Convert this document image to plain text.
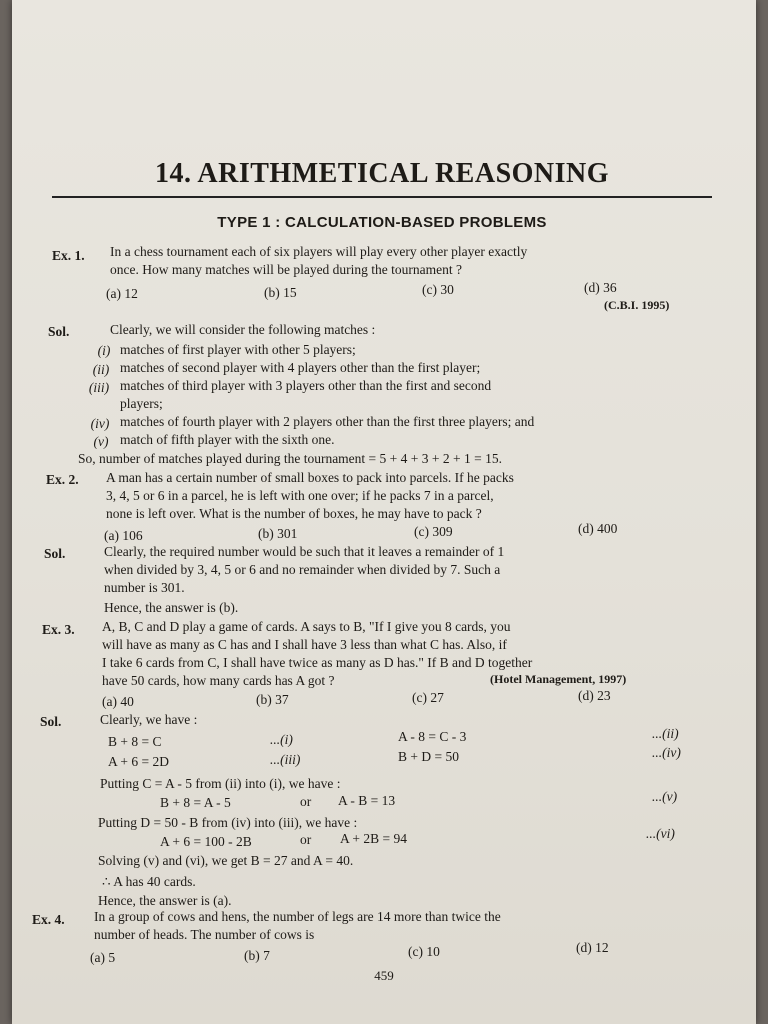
14. ARITHMETICAL REASONING
TYPE 1 : CALCULATION-BASED PROBLEMS
Ex. 1. In a chess tournament each of six players will play every other player exactly
once. How many matches will be played during the tournament ?
(a) 12	(b) 15	(c) 30	(d) 36
(C.B.I. 1995)
Sol.	Clearly, we will consider the following matches :
(i) matches of first player with other 5 players;
(ii) matches of second player with 4 players other than the first player;
(iii) matches of third player with 3 players other than the first and second
players;
(iv) matches of fourth player with 2 players other than the first three players; and
(v) match of fifth player with the sixth one.
So, number of matches played during the tournament = 5 + 4 + 3 + 2 + 1 = 15.
Ex. 2. A man has a certain number of small boxes to pack into parcels. If he packs
3, 4, 5 or 6 in a parcel, he is left with one over; if he packs 7 in a parcel,
none is left over. What is the number of boxes, he may have to pack ?
(a) 106	(b) 301	(c) 309	(d) 400
Sol.	Clearly, the required number would be such that it leaves a remainder of 1
when divided by 3, 4, 5 or 6 and no remainder when divided by 7. Such a
number is 301.
Hence, the answer is (b).
Ex. 3. A, B, C and D play a game of cards. A says to B, "If I give you 8 cards, you
will have as many as C has and I shall have 3 less than what C has. Also, if
I take 6 cards from C, I shall have twice as many as D has." If B and D together
have 50 cards, how many cards has A got ?	(Hotel Management, 1997)
(a) 40	(b) 37	(c) 27	(d) 23
Sol.	Clearly, we have :
B + 8 = C	...(i)	A - 8 = C - 3	...(ii)
A + 6 = 2D	...(iii)	B + D = 50	...(iv)
Putting C = A - 5 from (ii) into (i), we have :
B + 8 = A - 5	or A - B = 13	...(v)
Putting D = 50 - B from (iv) into (iii), we have :
A + 6 = 100 - 2B	or A + 2B = 94	...(vi)
Solving (v) and (vi), we get B = 27 and A = 40.
∴ A has 40 cards.
Hence, the answer is (a).
Ex. 4. In a group of cows and hens, the number of legs are 14 more than twice the
number of heads. The number of cows is
(a) 5	(b) 7	(c) 10	(d) 12
459
